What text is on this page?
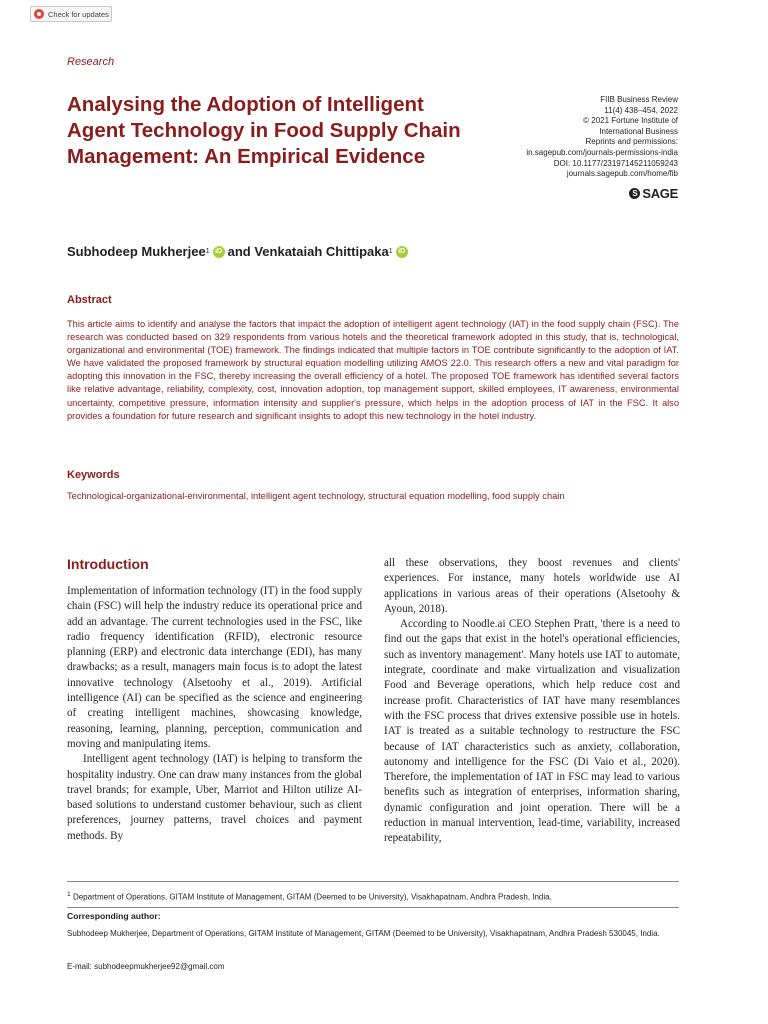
Check for updates
Research
Analysing the Adoption of Intelligent Agent Technology in Food Supply Chain Management: An Empirical Evidence
FIIB Business Review
11(4) 438–454, 2022
© 2021 Fortune Institute of
International Business
Reprints and permissions:
in.sagepub.com/journals-permissions-india
DOI: 10.1177/23197145211059243
journals.sagepub.com/home/fib
S SAGE
Subhodeep Mukherjee 1 iD and Venkataiah Chittipaka 1 iD
Abstract
This article aims to identify and analyse the factors that impact the adoption of intelligent agent technology (IAT) in the food supply chain (FSC). The research was conducted based on 329 respondents from various hotels and the theoretical framework adopted in this study, that is, technological, organizational and environmental (TOE) framework. The findings indicated that multiple factors in TOE contribute significantly to the adoption of IAT. We have validated the proposed framework by structural equation modelling utilizing AMOS 22.0. This research offers a new and vital paradigm for adopting this innovation in the FSC, thereby increasing the overall efficiency of a hotel. The proposed TOE framework has identified several factors like relative advantage, reliability, complexity, cost, innovation adoption, top management support, skilled employees, IT awareness, environmental uncertainty, competitive pressure, information intensity and supplier's pressure, which helps in the adoption process of IAT in the FSC. It also provides a foundation for future research and significant insights to adopt this new technology in the hotel industry.
Keywords
Technological-organizational-environmental, intelligent agent technology, structural equation modelling, food supply chain
Introduction

Implementation of information technology (IT) in the food supply chain (FSC) will help the industry reduce its operational price and add an advantage. The current technologies used in the FSC, like radio frequency identification (RFID), electronic resource planning (ERP) and electronic data interchange (EDI), has many drawbacks; as a result, managers main focus is to adopt the latest innovative technology (Alsetoohy et al., 2019). Artificial intelligence (AI) can be specified as the science and engineering of creating intelligent machines, showcasing knowledge, reasoning, learning, planning, perception, communication and moving and manipulating items.

Intelligent agent technology (IAT) is helping to transform the hospitality industry. One can draw many instances from the global travel brands; for example, Uber, Marriot and Hilton utilize AI-based solutions to understand customer behaviour, such as client preferences, journey patterns, travel choices and payment methods. By

all these observations, they boost revenues and clients' experiences. For instance, many hotels worldwide use AI applications in various areas of their operations (Alsetoohy & Ayoun, 2018).

According to Noodle.ai CEO Stephen Pratt, 'there is a need to find out the gaps that exist in the hotel's operational efficiencies, such as inventory management'. Many hotels use IAT to automate, integrate, coordinate and make virtualization and visualization Food and Beverage operations, which help reduce cost and increase profit. Characteristics of IAT have many resemblances with the FSC process that drives extensive possible use in hotels. IAT is treated as a suitable technology to restructure the FSC because of IAT characteristics such as anxiety, collaboration, autonomy and intelligence for the FSC (Di Vaio et al., 2020). Therefore, the implementation of IAT in FSC may lead to various benefits such as integration of enterprises, information sharing, dynamic configuration and joint operation. There will be a reduction in manual intervention, lead-time, variability, increased repeatability,

$^1$ Department of Operations, GITAM Institute of Management, GITAM (Deemed to be University), Visakhapatnam, Andhra Pradesh, India.
Corresponding author:
Subhodeep Mukherjee, Department of Operations, GITAM Institute of Management, GITAM (Deemed to be University), Visakhapatnam, Andhra Pradesh 530045, India.
E-mail: subhodeepmukherjee92@gmail.com
